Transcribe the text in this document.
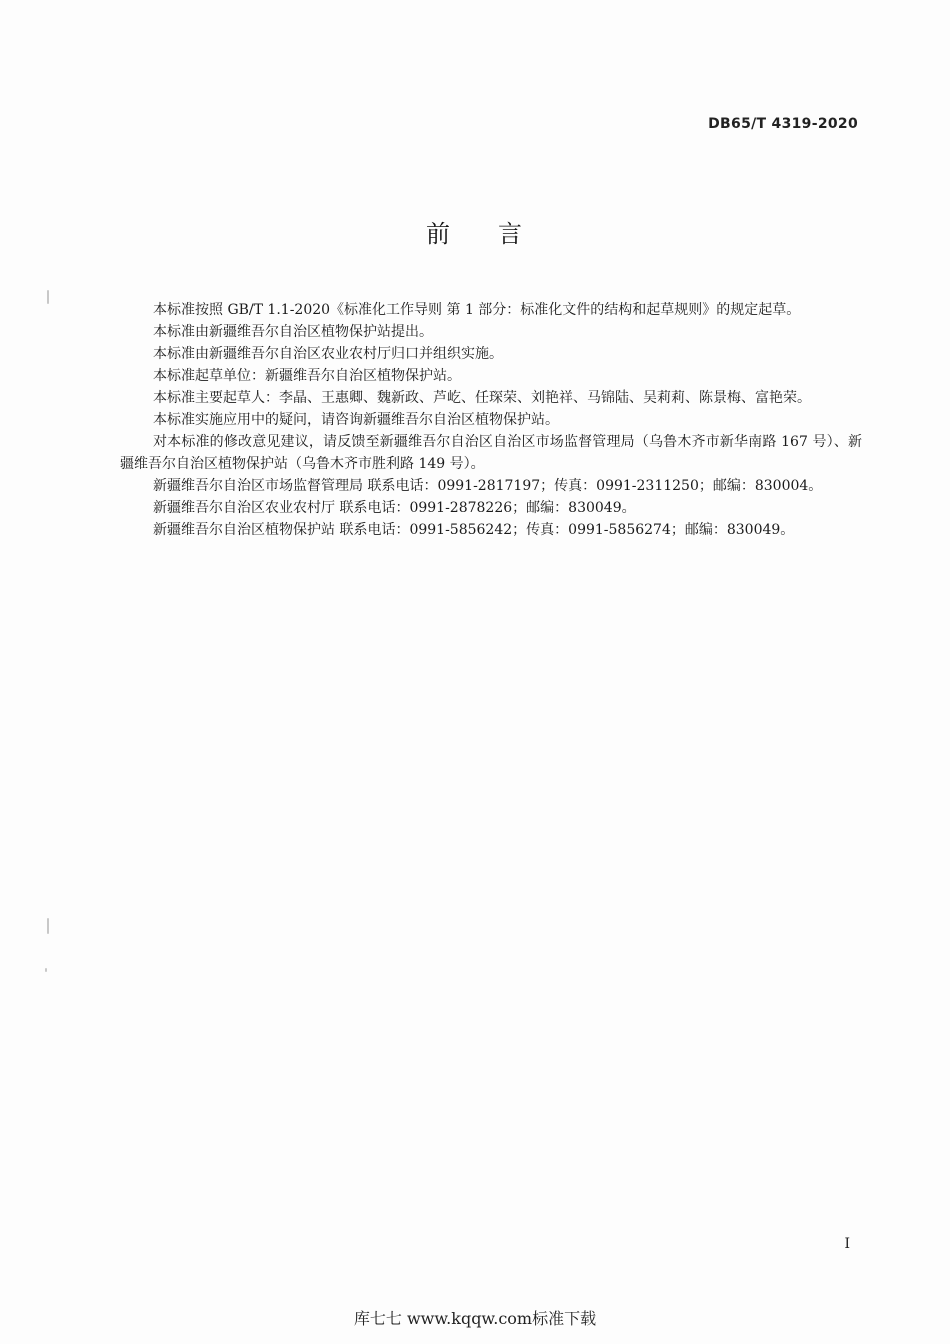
DB65/T 4319-2020
前 言

本标准按照 GB/T 1.1-2020《标准化工作导则 第 1 部分：标准化文件的结构和起草规则》的规定起草。

本标准由新疆维吾尔自治区植物保护站提出。

本标准由新疆维吾尔自治区农业农村厅归口并组织实施。

本标准起草单位：新疆维吾尔自治区植物保护站。

本标准主要起草人：李晶、王惠卿、魏新政、芦屹、任琛荣、刘艳祥、马锦陆、吴莉莉、陈景梅、富艳荣。

本标准实施应用中的疑问，请咨询新疆维吾尔自治区植物保护站。

对本标准的修改意见建议，请反馈至新疆维吾尔自治区自治区市场监督管理局（乌鲁木齐市新华南路 167 号）、新疆维吾尔自治区植物保护站（乌鲁木齐市胜利路 149 号）。

新疆维吾尔自治区市场监督管理局 联系电话：0991-2817197；传真：0991-2311250；邮编：830004。

新疆维吾尔自治区农业农村厅 联系电话：0991-2878226；邮编：830049。

新疆维吾尔自治区植物保护站 联系电话：0991-5856242；传真：0991-5856274；邮编：830049。

I
库七七 www.kqqw.com标准下载
